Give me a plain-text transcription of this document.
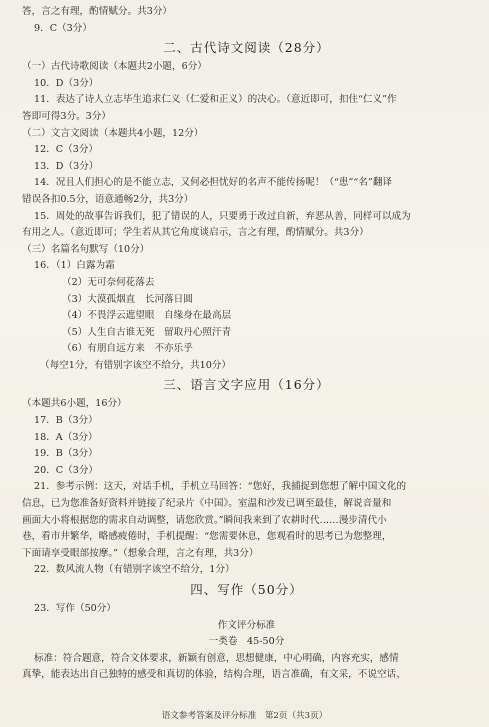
答，言之有理，酌情赋分。共3分）
9．C（3分）
二、古代诗文阅读（28分）
（一）古代诗歌阅读（本题共2小题，6分）
10．D（3分）
11．表达了诗人立志毕生追求仁义（仁爱和正义）的决心。（意近即可，扣住“仁义”作
答即可得3分。3分）
（二）文言文阅读（本题共4小题，12分）
12．C（3分）
13．D（3分）
14．况且人们担心的是不能立志，又何必担忧好的名声不能传扬呢！（“患”“名”翻译
错误各扣0.5分，语意通畅2分，共3分）
15．周处的故事告诉我们，犯了错误的人，只要勇于改过自新，弃恶从善，同样可以成为
有用之人。（意近即可；学生若从其它角度谈启示，言之有理，酌情赋分。共3分）
（三）名篇名句默写（10分）
16．（1）白露为霜
（2）无可奈何花落去
（3）大漠孤烟直　长河落日圆
（4）不畏浮云遮望眼　自缘身在最高层
（5）人生自古谁无死　留取丹心照汗青
（6）有朋自远方来　不亦乐乎
（每空1分，有错别字该空不给分，共10分）
三、语言文字应用（16分）
（本题共6小题，16分）
17．B（3分）
18．A（3分）
19．B（3分）
20．C（3分）
21．参考示例：这天，对话手机，手机立马回答：“您好，我捕捉到您想了解中国文化的
信息，已为您准备好资料并链接了纪录片《中国》。室温和沙发已调至最佳，解说音量和
画面大小将根据您的需求自动调整，请您欣赏。”瞬间我来到了农耕时代……漫步清代小
巷，看市井繁华，略感疲倦时，手机提醒：“您需要休息，您观看时的思考已为您整理，
下面请享受眼部按摩。”（想象合理，言之有理，共3分）
22．数风流人物（有错别字该空不给分，1分）
四、写作（50分）
23．写作（50分）
作文评分标准
一类卷　45-50分
标准：符合题意，符合文体要求，新颖有创意，思想健康，中心明确，内容充实，感情
真挚，能表达出自己独特的感受和真切的体验，结构合理，语言准确，有文采，不说空话、
语文参考答案及评分标准　第2页（共3页）
